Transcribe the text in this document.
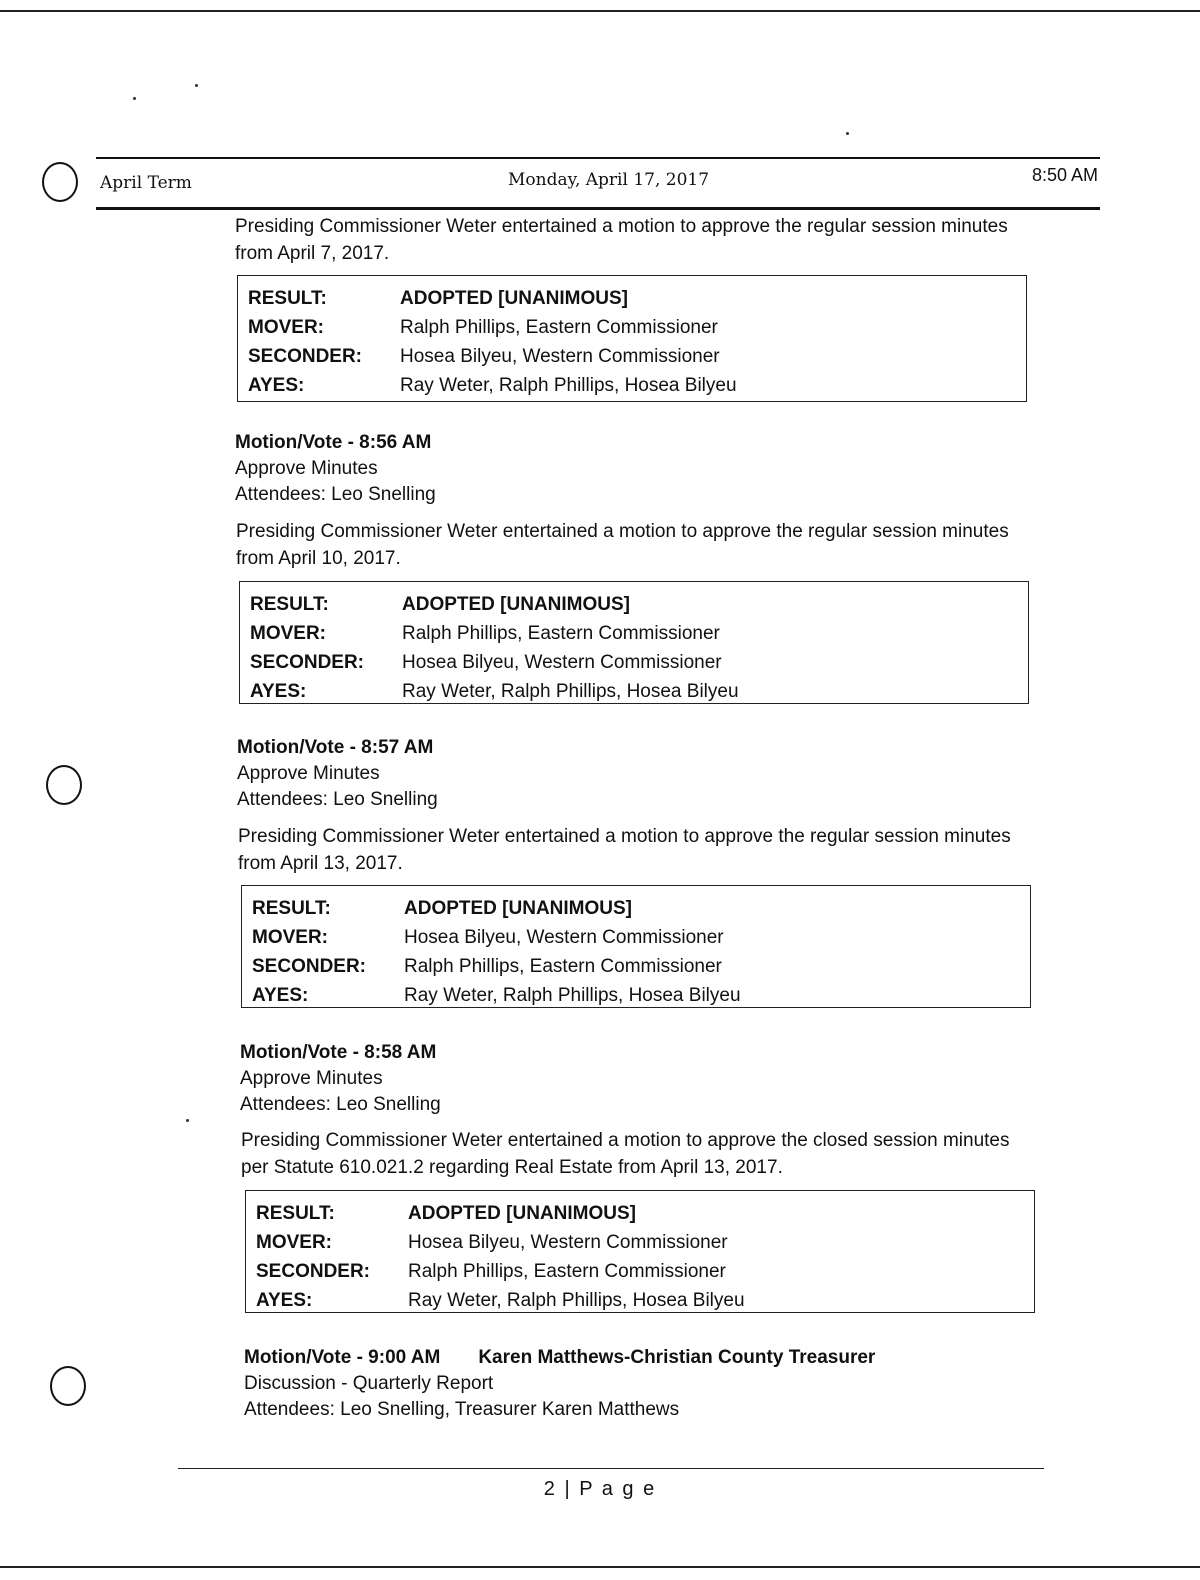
April Term	Monday, April 17, 2017	8:50 AM
Presiding Commissioner Weter entertained a motion to approve the regular session minutes from April 7, 2017.
RESULT:	ADOPTED [UNANIMOUS]
MOVER:	Ralph Phillips, Eastern Commissioner
SECONDER: Hosea Bilyeu, Western Commissioner
AYES:	Ray Weter, Ralph Phillips, Hosea Bilyeu
Motion/Vote - 8:56 AM
Approve Minutes
Attendees: Leo Snelling
Presiding Commissioner Weter entertained a motion to approve the regular session minutes from April 10, 2017.
RESULT:	ADOPTED [UNANIMOUS]
MOVER:	Ralph Phillips, Eastern Commissioner
SECONDER: Hosea Bilyeu, Western Commissioner
AYES:	Ray Weter, Ralph Phillips, Hosea Bilyeu
Motion/Vote - 8:57 AM
Approve Minutes
Attendees: Leo Snelling
Presiding Commissioner Weter entertained a motion to approve the regular session minutes from April 13, 2017.
RESULT:	ADOPTED [UNANIMOUS]
MOVER:	Hosea Bilyeu, Western Commissioner
SECONDER: Ralph Phillips, Eastern Commissioner
AYES:	Ray Weter, Ralph Phillips, Hosea Bilyeu
Motion/Vote - 8:58 AM
Approve Minutes
Attendees: Leo Snelling
Presiding Commissioner Weter entertained a motion to approve the closed session minutes per Statute 610.021.2 regarding Real Estate from April 13, 2017.
RESULT:	ADOPTED [UNANIMOUS]
MOVER:	Hosea Bilyeu, Western Commissioner
SECONDER: Ralph Phillips, Eastern Commissioner
AYES:	Ray Weter, Ralph Phillips, Hosea Bilyeu
Motion/Vote - 9:00 AM Karen Matthews-Christian County Treasurer
Discussion - Quarterly Report
Attendees: Leo Snelling, Treasurer Karen Matthews
2 | P a g e
